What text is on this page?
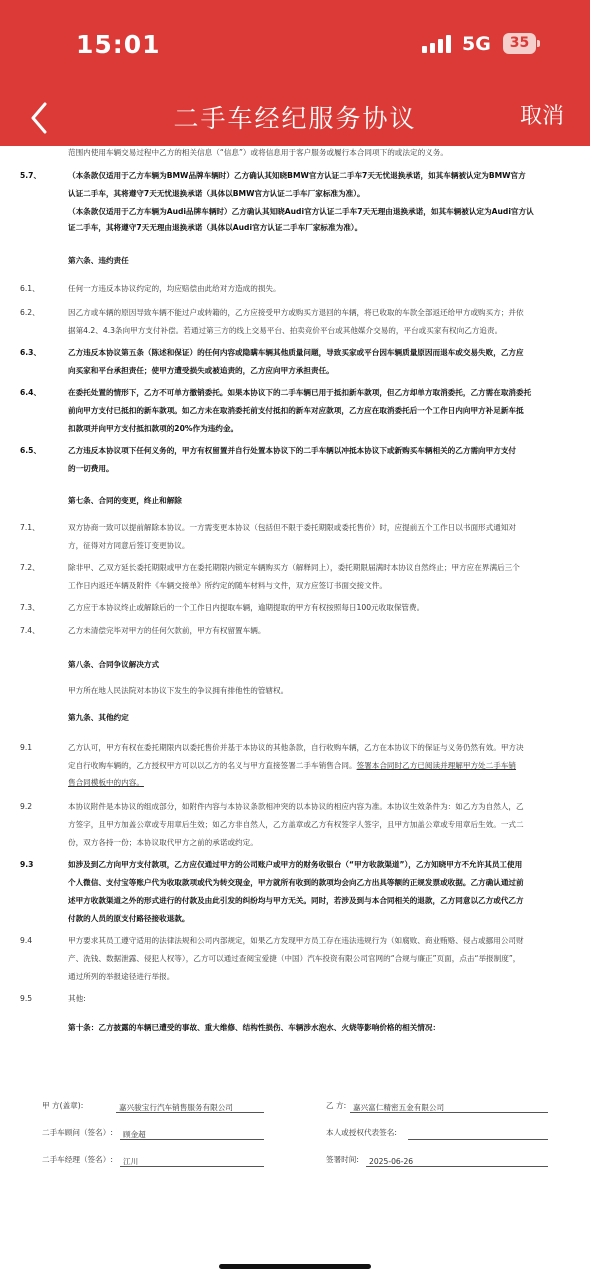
15:01	5G	35
二手车经纪服务协议	取消
范围内使用车辆交易过程中乙方的相关信息（“信息”）或将信息用于客户服务或履行本合同项下的或法定的义务。
5.7、	（本条款仅适用于乙方车辆为BMW品牌车辆时）乙方确认其知晓BMW官方认证二手车7天无忧退换承诺，如其车辆被认定为BMW官方
认证二手车，其将遵守7天无忧退换承诺（具体以BMW官方认证二手车厂家标准为准）。
（本条款仅适用于乙方车辆为Audi品牌车辆时）乙方确认其知晓Audi官方认证二手车7天无理由退换承诺，如其车辆被认定为Audi官方认
证二手车，其将遵守7天无理由退换承诺（具体以Audi官方认证二手车厂家标准为准）。
第六条、违约责任
6.1、	任何一方违反本协议约定的，均应赔偿由此给对方造成的损失。
6.2、	因乙方或车辆的原因导致车辆不能过户或转籍的，乙方应接受甲方或购买方退回的车辆，将已收取的车款全部返还给甲方或购买方；并依
据第4.2、4.3条向甲方支付补偿。若通过第三方的线上交易平台、拍卖竞价平台或其他媒介交易的，平台或买家有权向乙方追责。
6.3、	乙方违反本协议第五条（陈述和保证）的任何内容或隐瞒车辆其他质量问题，导致买家或平台因车辆质量原因而退车或交易失败，乙方应
向买家和平台承担责任；使甲方遭受损失或被追责的，乙方应向甲方承担责任。
6.4、	在委托处置的情形下，乙方不可单方撤销委托。如果本协议下的二手车辆已用于抵扣新车款项，但乙方却单方取消委托，乙方需在取消委托
前向甲方支付已抵扣的新车款项。如乙方未在取消委托前支付抵扣的新车对应款项，乙方应在取消委托后一个工作日内向甲方补足新车抵
扣款项并向甲方支付抵扣款项的20%作为违约金。
6.5、	乙方违反本协议项下任何义务的，甲方有权留置并自行处置本协议下的二手车辆以冲抵本协议下或新购买车辆相关的乙方需向甲方支付
的一切费用。
第七条、合同的变更，终止和解除
7.1、	双方协商一致可以提前解除本协议。一方需变更本协议（包括但不限于委托期限或委托售价）时，应提前五个工作日以书面形式通知对
方，征得对方同意后签订变更协议。
7.2、	除非甲、乙双方延长委托期限或甲方在委托期限内锁定车辆购买方（解释同上），委托期限届满时本协议自然终止；甲方应在界满后三个
工作日内返还车辆及附件《车辆交接单》所约定的随车材料与文件，双方应签订书面交接文件。
7.3、	乙方应于本协议终止或解除后的一个工作日内提取车辆，逾期提取的甲方有权按照每日100元收取保管费。
7.4、	乙方未清偿完毕对甲方的任何欠款前，甲方有权留置车辆。
第八条、合同争议解决方式
甲方所在地人民法院对本协议下发生的争议拥有排他性的管辖权。
第九条、其他约定
9.1	乙方认可，甲方有权在委托期限内以委托售价并基于本协议的其他条款，自行收购车辆，乙方在本协议下的保证与义务仍然有效。甲方决
定自行收购车辆的，乙方授权甲方可以以乙方的名义与甲方直接签署二手车销售合同。签署本合同时乙方已阅读并理解甲方处二手车销
售合同模板中的内容。
9.2	本协议附件是本协议的组成部分，如附件内容与本协议条款相冲突的以本协议的相应内容为准。本协议生效条件为：如乙方为自然人，乙
方签字，且甲方加盖公章或专用章后生效；如乙方非自然人，乙方盖章或乙方有权签字人签字，且甲方加盖公章或专用章后生效。一式二
份，双方各持一份；本协议取代甲方之前的承诺或约定。
9.3	如涉及到乙方向甲方支付款项，乙方应仅通过甲方的公司账户或甲方的财务收银台（“甲方收款渠道”），乙方知晓甲方不允许其员工使用
个人微信、支付宝等账户代为收取款项或代为转交现金，甲方就所有收到的款项均会向乙方出具等额的正规发票或收据。乙方确认通过前
述甲方收款渠道之外的形式进行的付款及由此引发的纠纷均与甲方无关。同时，若涉及到与本合同相关的退款，乙方同意以乙方或代乙方
付款的人员的原支付路径接收退款。
9.4	甲方要求其员工遵守适用的法律法规和公司内部规定，如果乙方发现甲方员工存在违法违规行为（如腐败、商业贿赂、侵占或挪用公司财
产、洗钱、数据泄露、侵犯人权等），乙方可以通过查阅宝爱捷（中国）汽车投资有限公司官网的“合规与廉正”页面，点击“举报制度”，
通过所列的举报途径进行举报。
9.5	其他:
第十条：乙方披露的车辆已遭受的事故、重大维修、结构性损伤、车辆涉水泡水、火烧等影响价格的相关情况：
甲 方(盖章):	嘉兴骏宝行汽车销售服务有限公司	乙 方: 嘉兴富仁精密五金有限公司
二手车顾问（签名）:	顾金超	本人或授权代表签名:
二手车经理（签名）:	江川	签署时间:	2025-06-26
